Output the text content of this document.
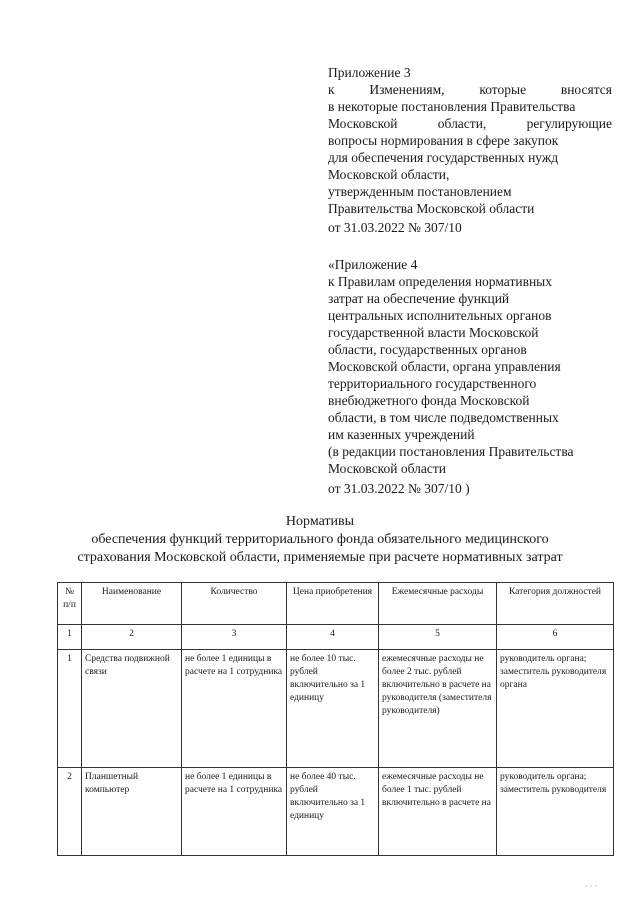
Приложение 3
к Изменениям, которые вносятся
в некоторые постановления Правительства
Московской области, регулирующие
вопросы нормирования в сфере закупок
для обеспечения государственных нужд
Московской области,
утвержденным постановлением
Правительства Московской области
от 31.03.2022 № 307/10
«Приложение 4
к Правилам определения нормативных
затрат на обеспечение функций
центральных исполнительных органов
государственной власти Московской
области, государственных органов
Московской области, органа управления
территориального государственного
внебюджетного фонда Московской
области, в том числе подведомственных
им казенных учреждений
(в редакции постановления Правительства
Московской области
от 31.03.2022 № 307/10 )
Нормативы
обеспечения функций территориального фонда обязательного медицинского
страхования Московской области, применяемые при расчете нормативных затрат
№ п/п	Наименование	Количество	Цена приобретения	Ежемесячные расходы	Категория должностей
1	2	3	4	5	6
1	Средства подвижной связи	не более 1 единицы в расчете на 1 сотрудника	не более 10 тыс. рублей включительно за 1 единицу	ежемесячные расходы не более 2 тыс. рублей включительно в расчете на руководителя (заместителя руководителя)	руководитель органа; заместитель руководителя органа
2	Планшетный компьютер	не более 1 единицы в расчете на 1 сотрудника	не более 40 тыс. рублей включительно за 1 единицу	ежемесячные расходы не более 1 тыс. рублей включительно в расчете на	руководитель органа; заместитель руководителя
· · ·
